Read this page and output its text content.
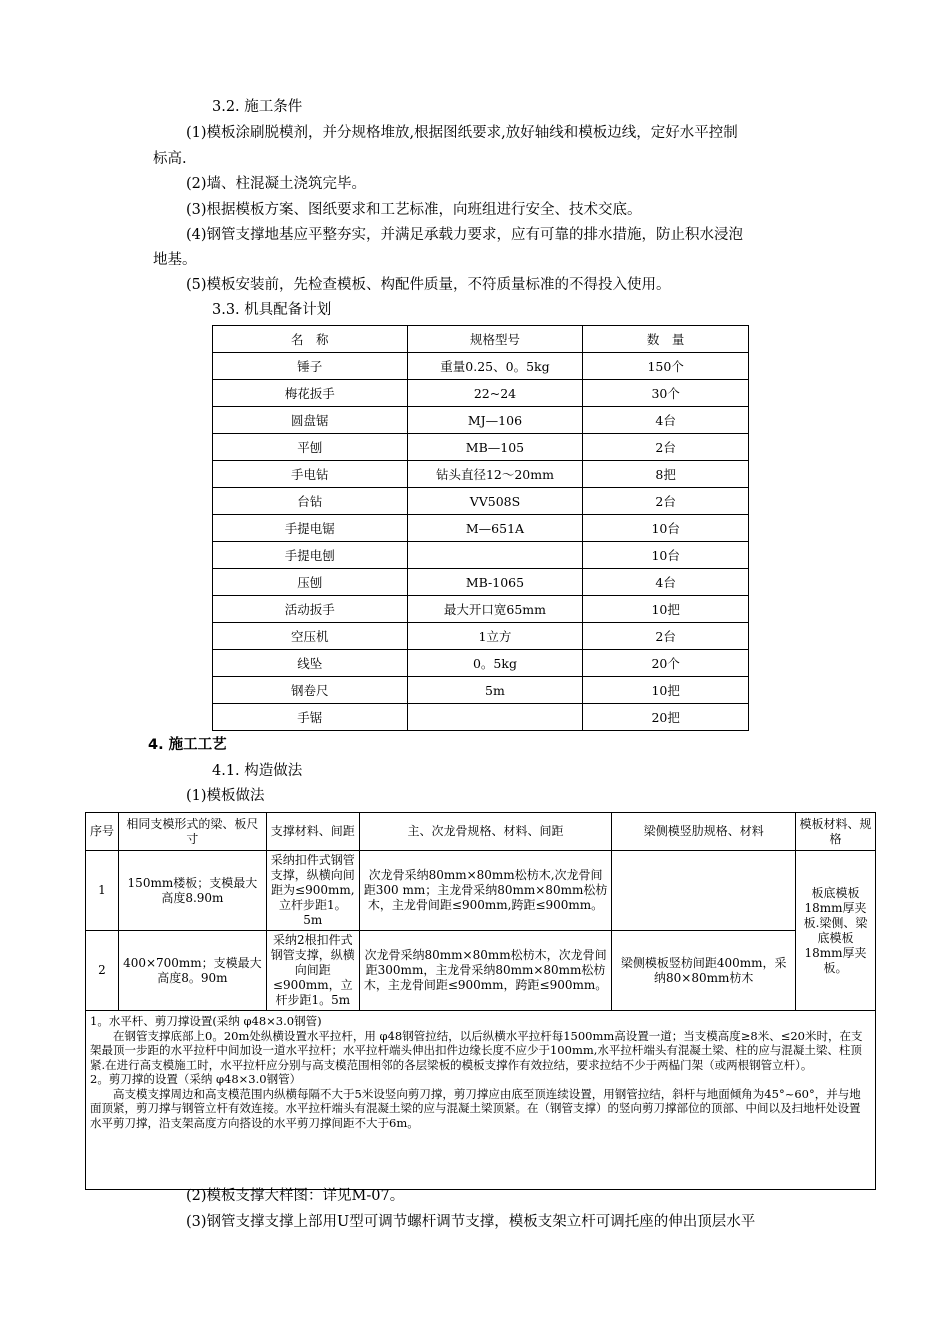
3.2. 施工条件
(1)模板涂刷脱模剂，并分规格堆放,根据图纸要求,放好轴线和模板边线，定好水平控制
标高.
(2)墙、柱混凝土浇筑完毕。
(3)根据模板方案、图纸要求和工艺标准，向班组进行安全、技术交底。
(4)钢管支撑地基应平整夯实，并满足承载力要求，应有可靠的排水措施，防止积水浸泡
地基。
(5)模板安装前，先检查模板、构配件质量，不符质量标准的不得投入使用。
3.3. 机具配备计划
名　称	规格型号	数　量
锤子	重量0.25、0。5kg	150个
梅花扳手	22~24	30个
圆盘锯	MJ—106	4台
平刨	MB—105	2台
手电钻	钻头直径12～20mm	8把
台钻	VV508S	2台
手提电锯	M—651A	10台
手提电刨		10台
压刨	MB-1065	4台
活动扳手	最大开口宽65mm	10把
空压机	1立方	2台
线坠	0。5kg	20个
钢卷尺	5m	10把
手锯		20把
4. 施工工艺
4.1. 构造做法
(1)模板做法
序号	相同支模形式的梁、板尺寸	支撑材料、间距	主、次龙骨规格、材料、间距	梁侧模竖肋规格、材料	模板材料、规格
1	150mm楼板；支模最大高度8.90m	采纳扣件式钢管支撑，纵横向间距为≤900mm,立杆步距1。5m	次龙骨采纳80mm×80mm松枋木,次龙骨间距300 mm；主龙骨采纳80mm×80mm松枋木，主龙骨间距≤900mm,跨距≤900mm。		板底模板18mm厚夹板.梁侧、梁底模板18mm厚夹板。
2	400×700mm；支模最大高度8。90m	采纳2根扣件式钢管支撑，纵横向间距≤900mm，立杆步距1。5m	次龙骨采纳80mm×80mm松枋木，次龙骨间距300mm，主龙骨采纳80mm×80mm松枋木，主龙骨间距≤900mm，跨距≤900mm。	梁侧模板竖枋间距400mm，采纳80×80mm枋木	

1。水平杆、剪刀撑设置(采纳 φ48×3.0钢管)

在钢管支撑底部上0。20m处纵横设置水平拉杆，用 φ48钢管拉结，以后纵横水平拉杆每1500mm高设置一道；当支模高度≥8米、≤20米时，在支架最顶一步距的水平拉杆中间加设一道水平拉杆；水平拉杆端头伸出扣件边缘长度不应少于100mm,水平拉杆端头有混凝土梁、柱的应与混凝土梁、柱顶紧.在进行高支模施工时，水平拉杆应分别与高支模范围相邻的各层梁板的模板支撑作有效拉结，要求拉结不少于两榀门架（或两根钢管立杆）。

2。剪刀撑的设置（采纳 φ48×3.0钢管）

高支模支撑周边和高支模范围内纵横每隔不大于5米设竖向剪刀撑，剪刀撑应由底至顶连续设置，用钢管拉结，斜杆与地面倾角为45°~60°，并与地面顶紧，剪刀撑与钢管立杆有效连接。水平拉杆端头有混凝土梁的应与混凝土梁顶紧。在（钢管支撑）的竖向剪刀撑部位的顶部、中间以及扫地杆处设置水平剪刀撑，沿支架高度方向搭设的水平剪刀撑间距不大于6m。					

(2)模板支撑大样图：详见M-07。
(3)钢管支撑支撑上部用U型可调节螺杆调节支撑，模板支架立杆可调托座的伸出顶层水平
